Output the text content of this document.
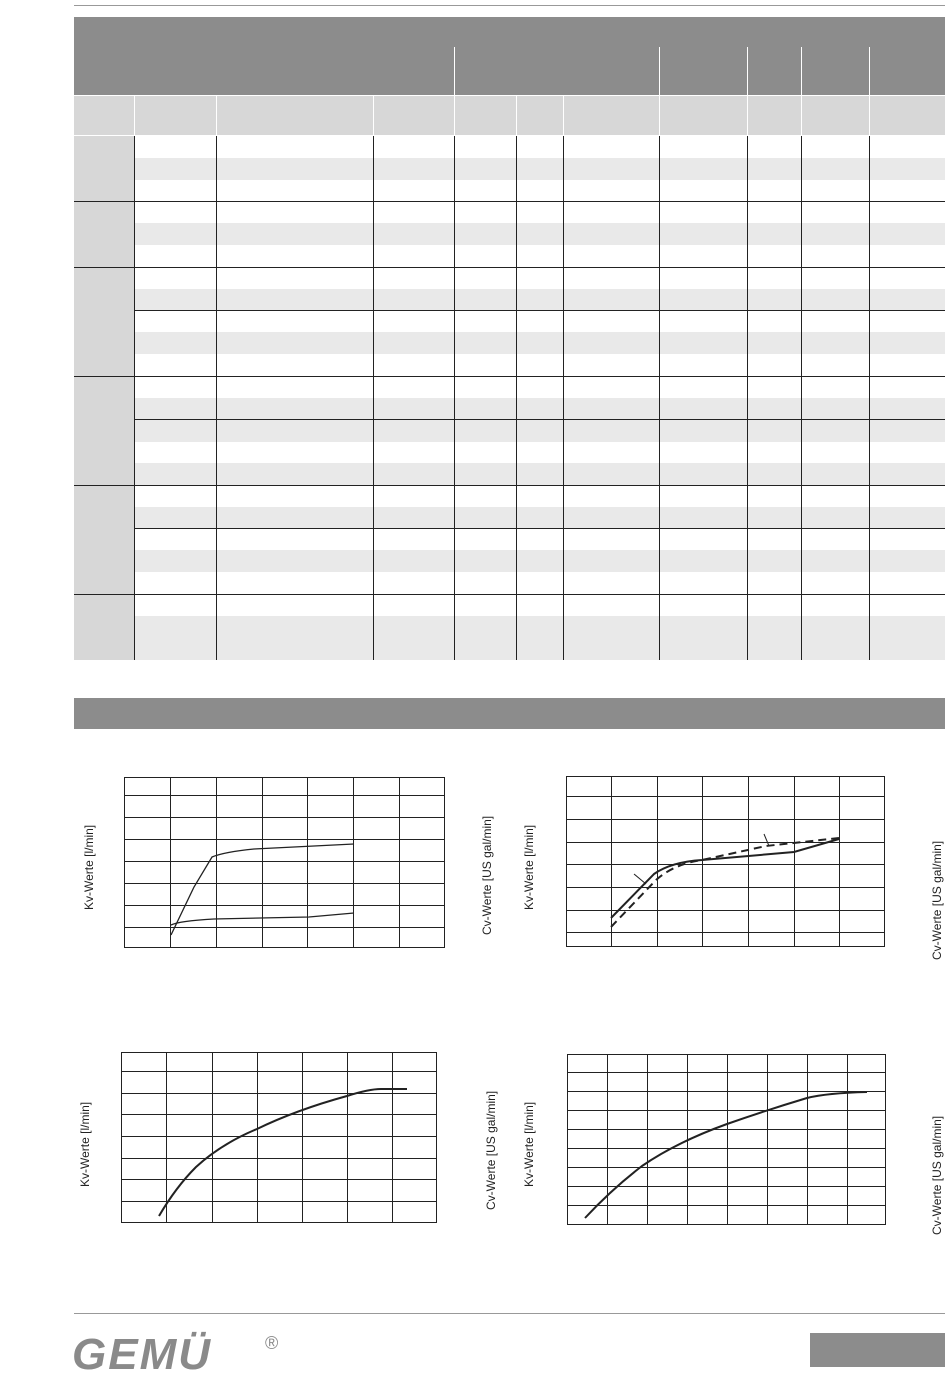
Kv-Werte [l/min]	Cv-Werte [US gal/min] Kv-Werte [l/min]	Cv-Werte [US gal/min]
Kv-Werte [l/min]	Cv-Werte [US gal/min] Kv-Werte [l/min]	Cv-Werte [US gal/min]
GEMÜ	®
